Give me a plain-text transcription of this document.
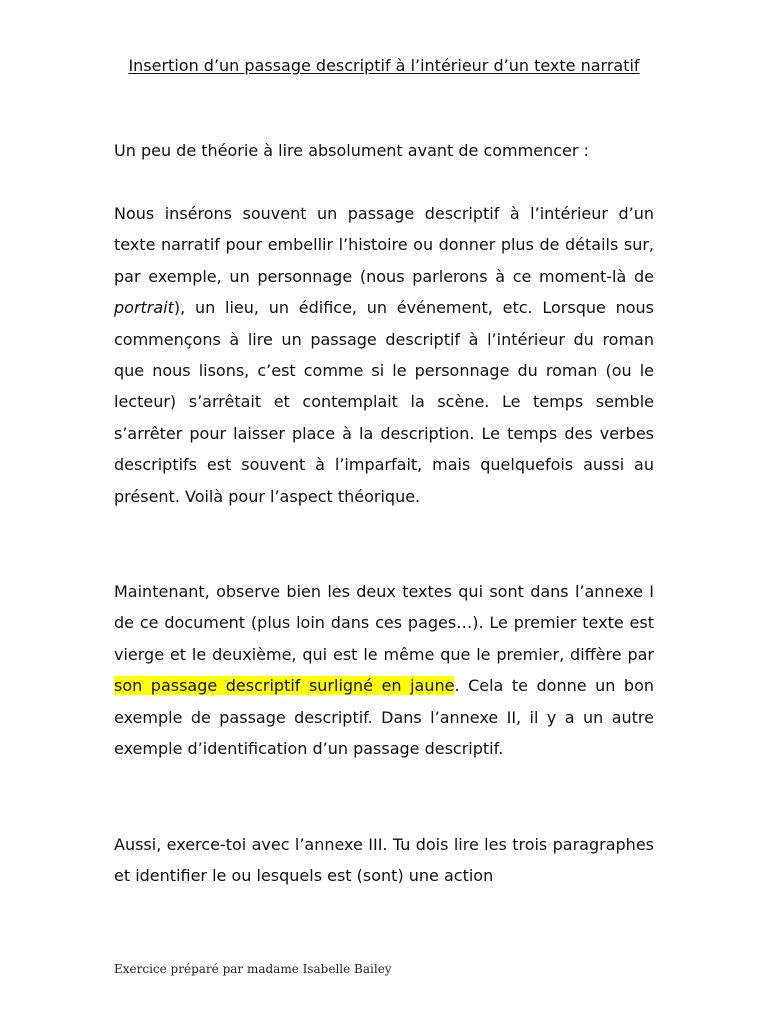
Insertion d’un passage descriptif à l’intérieur d’un texte narratif

Un peu de théorie à lire absolument avant de commencer :

Nous insérons souvent un passage descriptif à l’intérieur d’un texte narratif pour embellir l’histoire ou donner plus de détails sur, par exemple, un personnage (nous parlerons à ce moment-là de portrait), un lieu, un édifice, un événement, etc. Lorsque nous commençons à lire un passage descriptif à l’intérieur du roman que nous lisons, c’est comme si le personnage du roman (ou le lecteur) s’arrêtait et contemplait la scène. Le temps semble s’arrêter pour laisser place à la description. Le temps des verbes descriptifs est souvent à l’imparfait, mais quelquefois aussi au présent. Voilà pour l’aspect théorique.

Maintenant, observe bien les deux textes qui sont dans l’annexe I de ce document (plus loin dans ces pages…). Le premier texte est vierge et le deuxième, qui est le même que le premier, diffère par son passage descriptif surligné en jaune. Cela te donne un bon exemple de passage descriptif. Dans l’annexe II, il y a un autre exemple d’identification d’un passage descriptif.

Aussi, exerce-toi avec l’annexe III. Tu dois lire les trois paragraphes et identifier le ou lesquels est (sont) une action

Exercice préparé par madame Isabelle Bailey
